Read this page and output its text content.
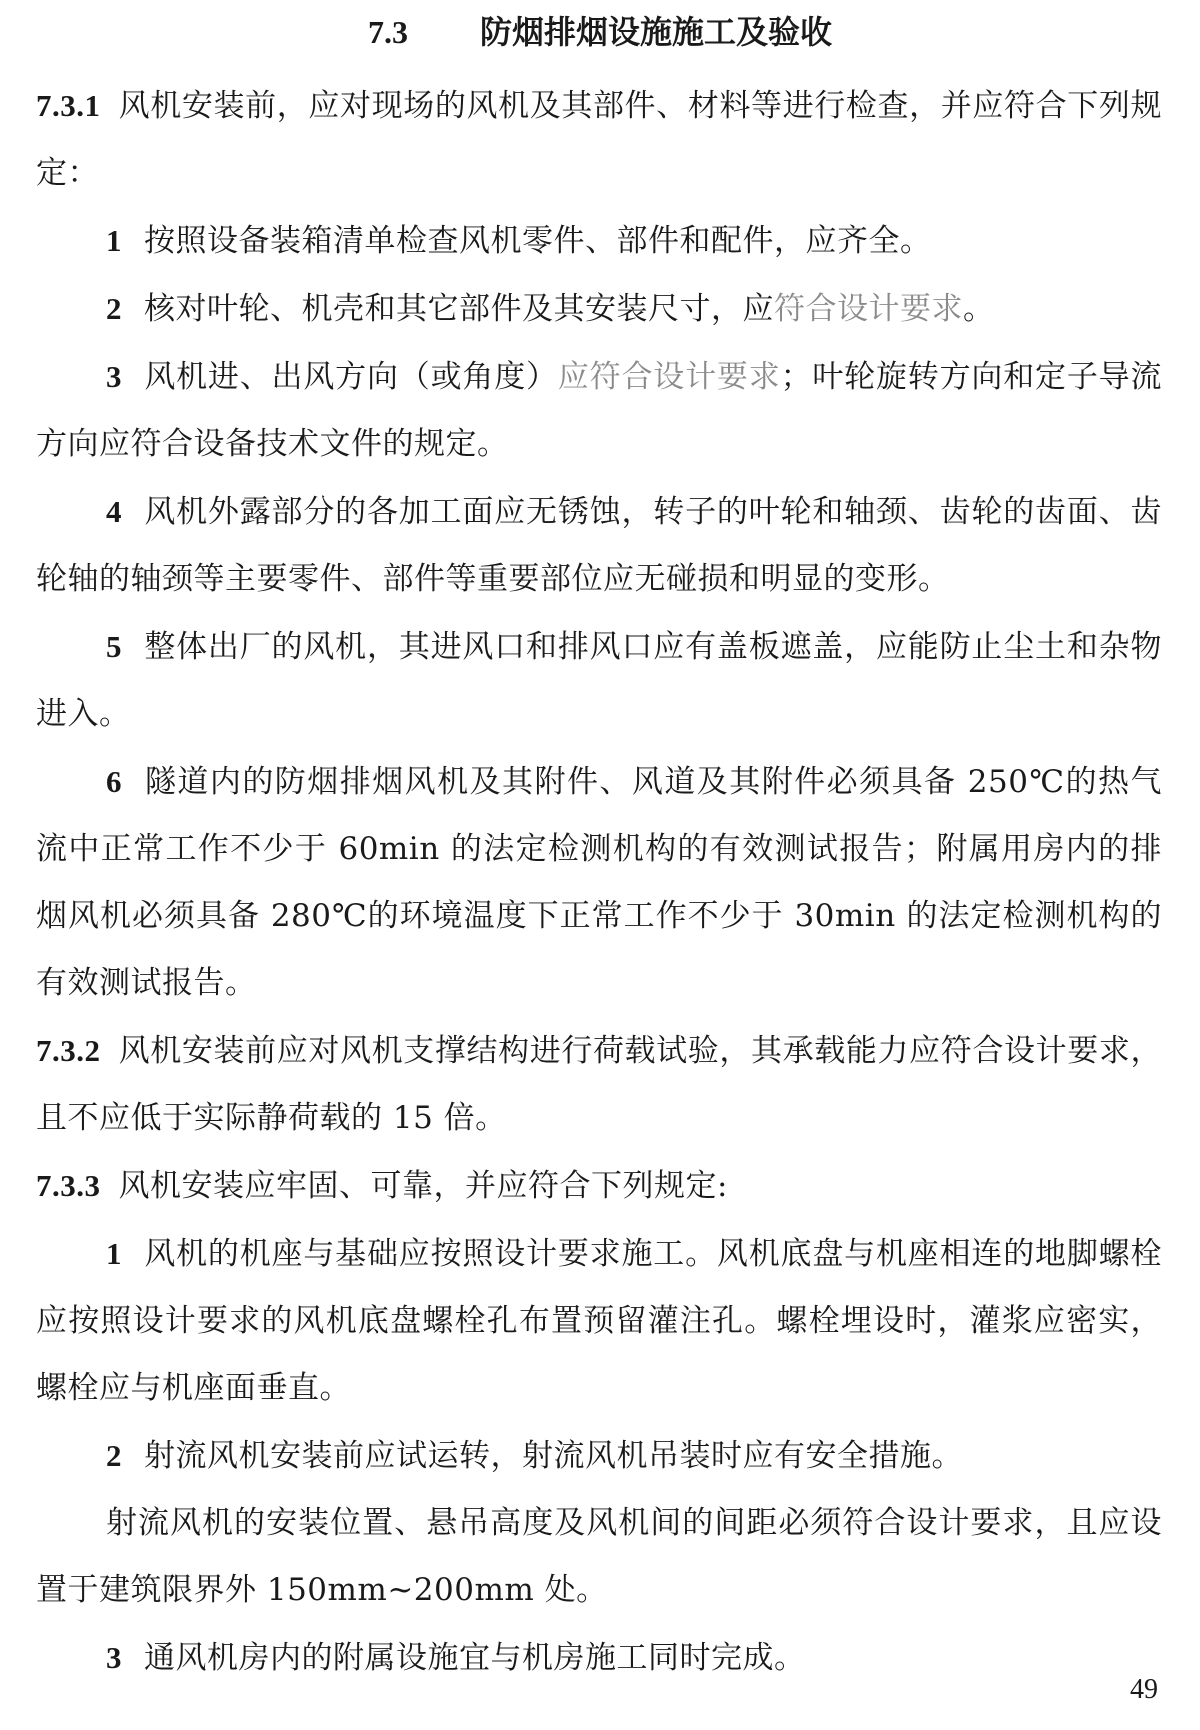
7.3 防烟排烟设施施工及验收

7.3.1 风机安装前，应对现场的风机及其部件、材料等进行检查，并应符合下列规定：

1 按照设备装箱清单检查风机零件、部件和配件，应齐全。

2 核对叶轮、机壳和其它部件及其安装尺寸，应符合设计要求。

3 风机进、出风方向（或角度）应符合设计要求；叶轮旋转方向和定子导流方向应符合设备技术文件的规定。

4 风机外露部分的各加工面应无锈蚀，转子的叶轮和轴颈、齿轮的齿面、齿轮轴的轴颈等主要零件、部件等重要部位应无碰损和明显的变形。

5 整体出厂的风机，其进风口和排风口应有盖板遮盖，应能防止尘土和杂物进入。

6 隧道内的防烟排烟风机及其附件、风道及其附件必须具备 250℃的热气流中正常工作不少于 60min 的法定检测机构的有效测试报告；附属用房内的排烟风机必须具备 280℃的环境温度下正常工作不少于 30min 的法定检测机构的有效测试报告。

7.3.2 风机安装前应对风机支撑结构进行荷载试验，其承载能力应符合设计要求，且不应低于实际静荷载的 15 倍。

7.3.3 风机安装应牢固、可靠，并应符合下列规定:

1 风机的机座与基础应按照设计要求施工。风机底盘与机座相连的地脚螺栓应按照设计要求的风机底盘螺栓孔布置预留灌注孔。螺栓埋设时，灌浆应密实，螺栓应与机座面垂直。

2 射流风机安装前应试运转，射流风机吊装时应有安全措施。

射流风机的安装位置、悬吊高度及风机间的间距必须符合设计要求，且应设置于建筑限界外 150mm~200mm 处。

3 通风机房内的附属设施宜与机房施工同时完成。

49
